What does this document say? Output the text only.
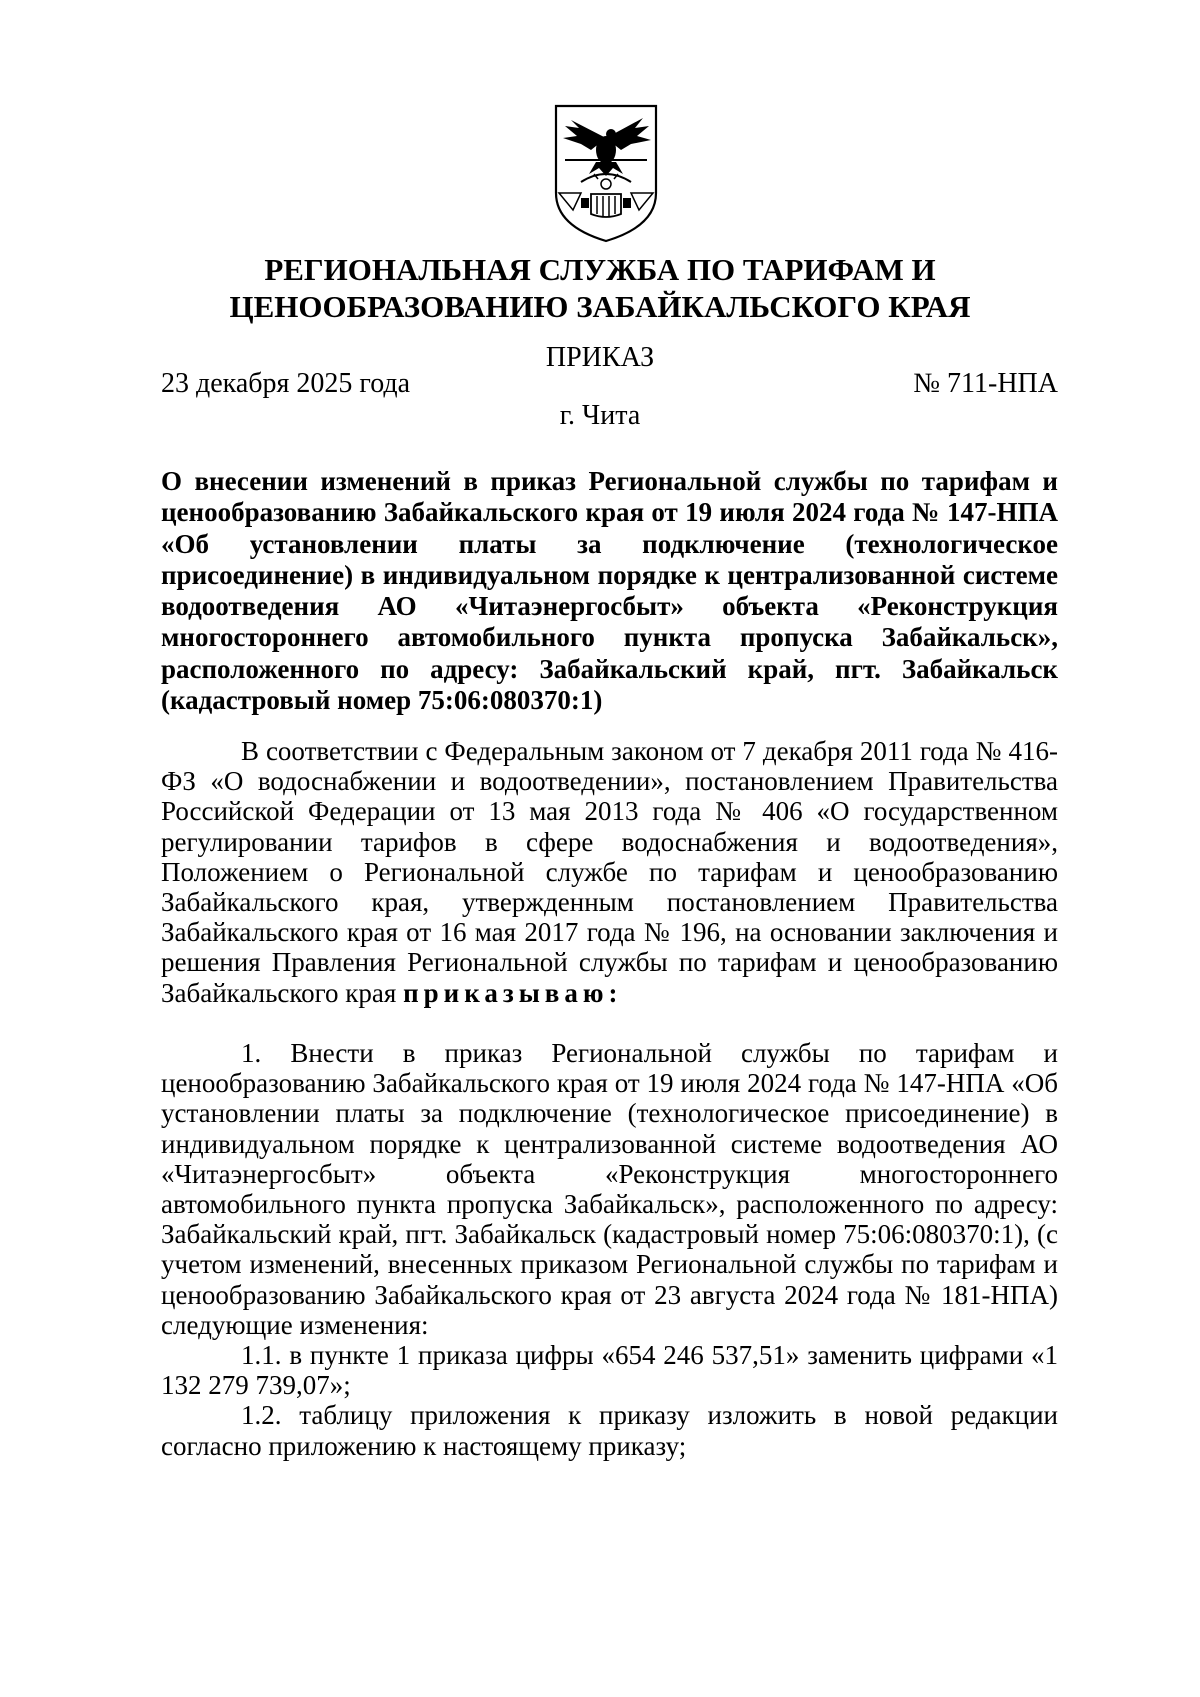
РЕГИОНАЛЬНАЯ СЛУЖБА ПО ТАРИФАМ И
ЦЕНООБРАЗОВАНИЮ ЗАБАЙКАЛЬСКОГО КРАЯ
ПРИКАЗ
23 декабря 2025 года	№ 711-НПА
г. Чита
О внесении изменений в приказ Региональной службы по тарифам и ценообразованию Забайкальского края от 19 июля 2024 года № 147-НПА «Об установлении платы за подключение (технологическое присоединение) в индивидуальном порядке к централизованной системе водоотведения АО «Читаэнергосбыт» объекта «Реконструкция многостороннего автомобильного пункта пропуска Забайкальск», расположенного по адресу: Забайкальский край, пгт. Забайкальск (кадастровый номер 75:06:080370:1)

В соответствии с Федеральным законом от 7 декабря 2011 года № 416-ФЗ «О водоснабжении и водоотведении», постановлением Правительства Российской Федерации от 13 мая 2013 года № 406 «О государственном регулировании тарифов в сфере водоснабжения и водоотведения», Положением о Региональной службе по тарифам и ценообразованию Забайкальского края, утвержденным постановлением Правительства Забайкальского края от 16 мая 2017 года № 196, на основании заключения и решения Правления Региональной службы по тарифам и ценообразованию Забайкальского края приказываю:

1. Внести в приказ Региональной службы по тарифам и ценообразованию Забайкальского края от 19 июля 2024 года № 147-НПА «Об установлении платы за подключение (технологическое присоединение) в индивидуальном порядке к централизованной системе водоотведения АО «Читаэнергосбыт» объекта «Реконструкция многостороннего автомобильного пункта пропуска Забайкальск», расположенного по адресу: Забайкальский край, пгт. Забайкальск (кадастровый номер 75:06:080370:1), (с учетом изменений, внесенных приказом Региональной службы по тарифам и ценообразованию Забайкальского края от 23 августа 2024 года № 181-НПА) следующие изменения:

1.1. в пункте 1 приказа цифры «654 246 537,51» заменить цифрами «1 132 279 739,07»;

1.2. таблицу приложения к приказу изложить в новой редакции согласно приложению к настоящему приказу;
